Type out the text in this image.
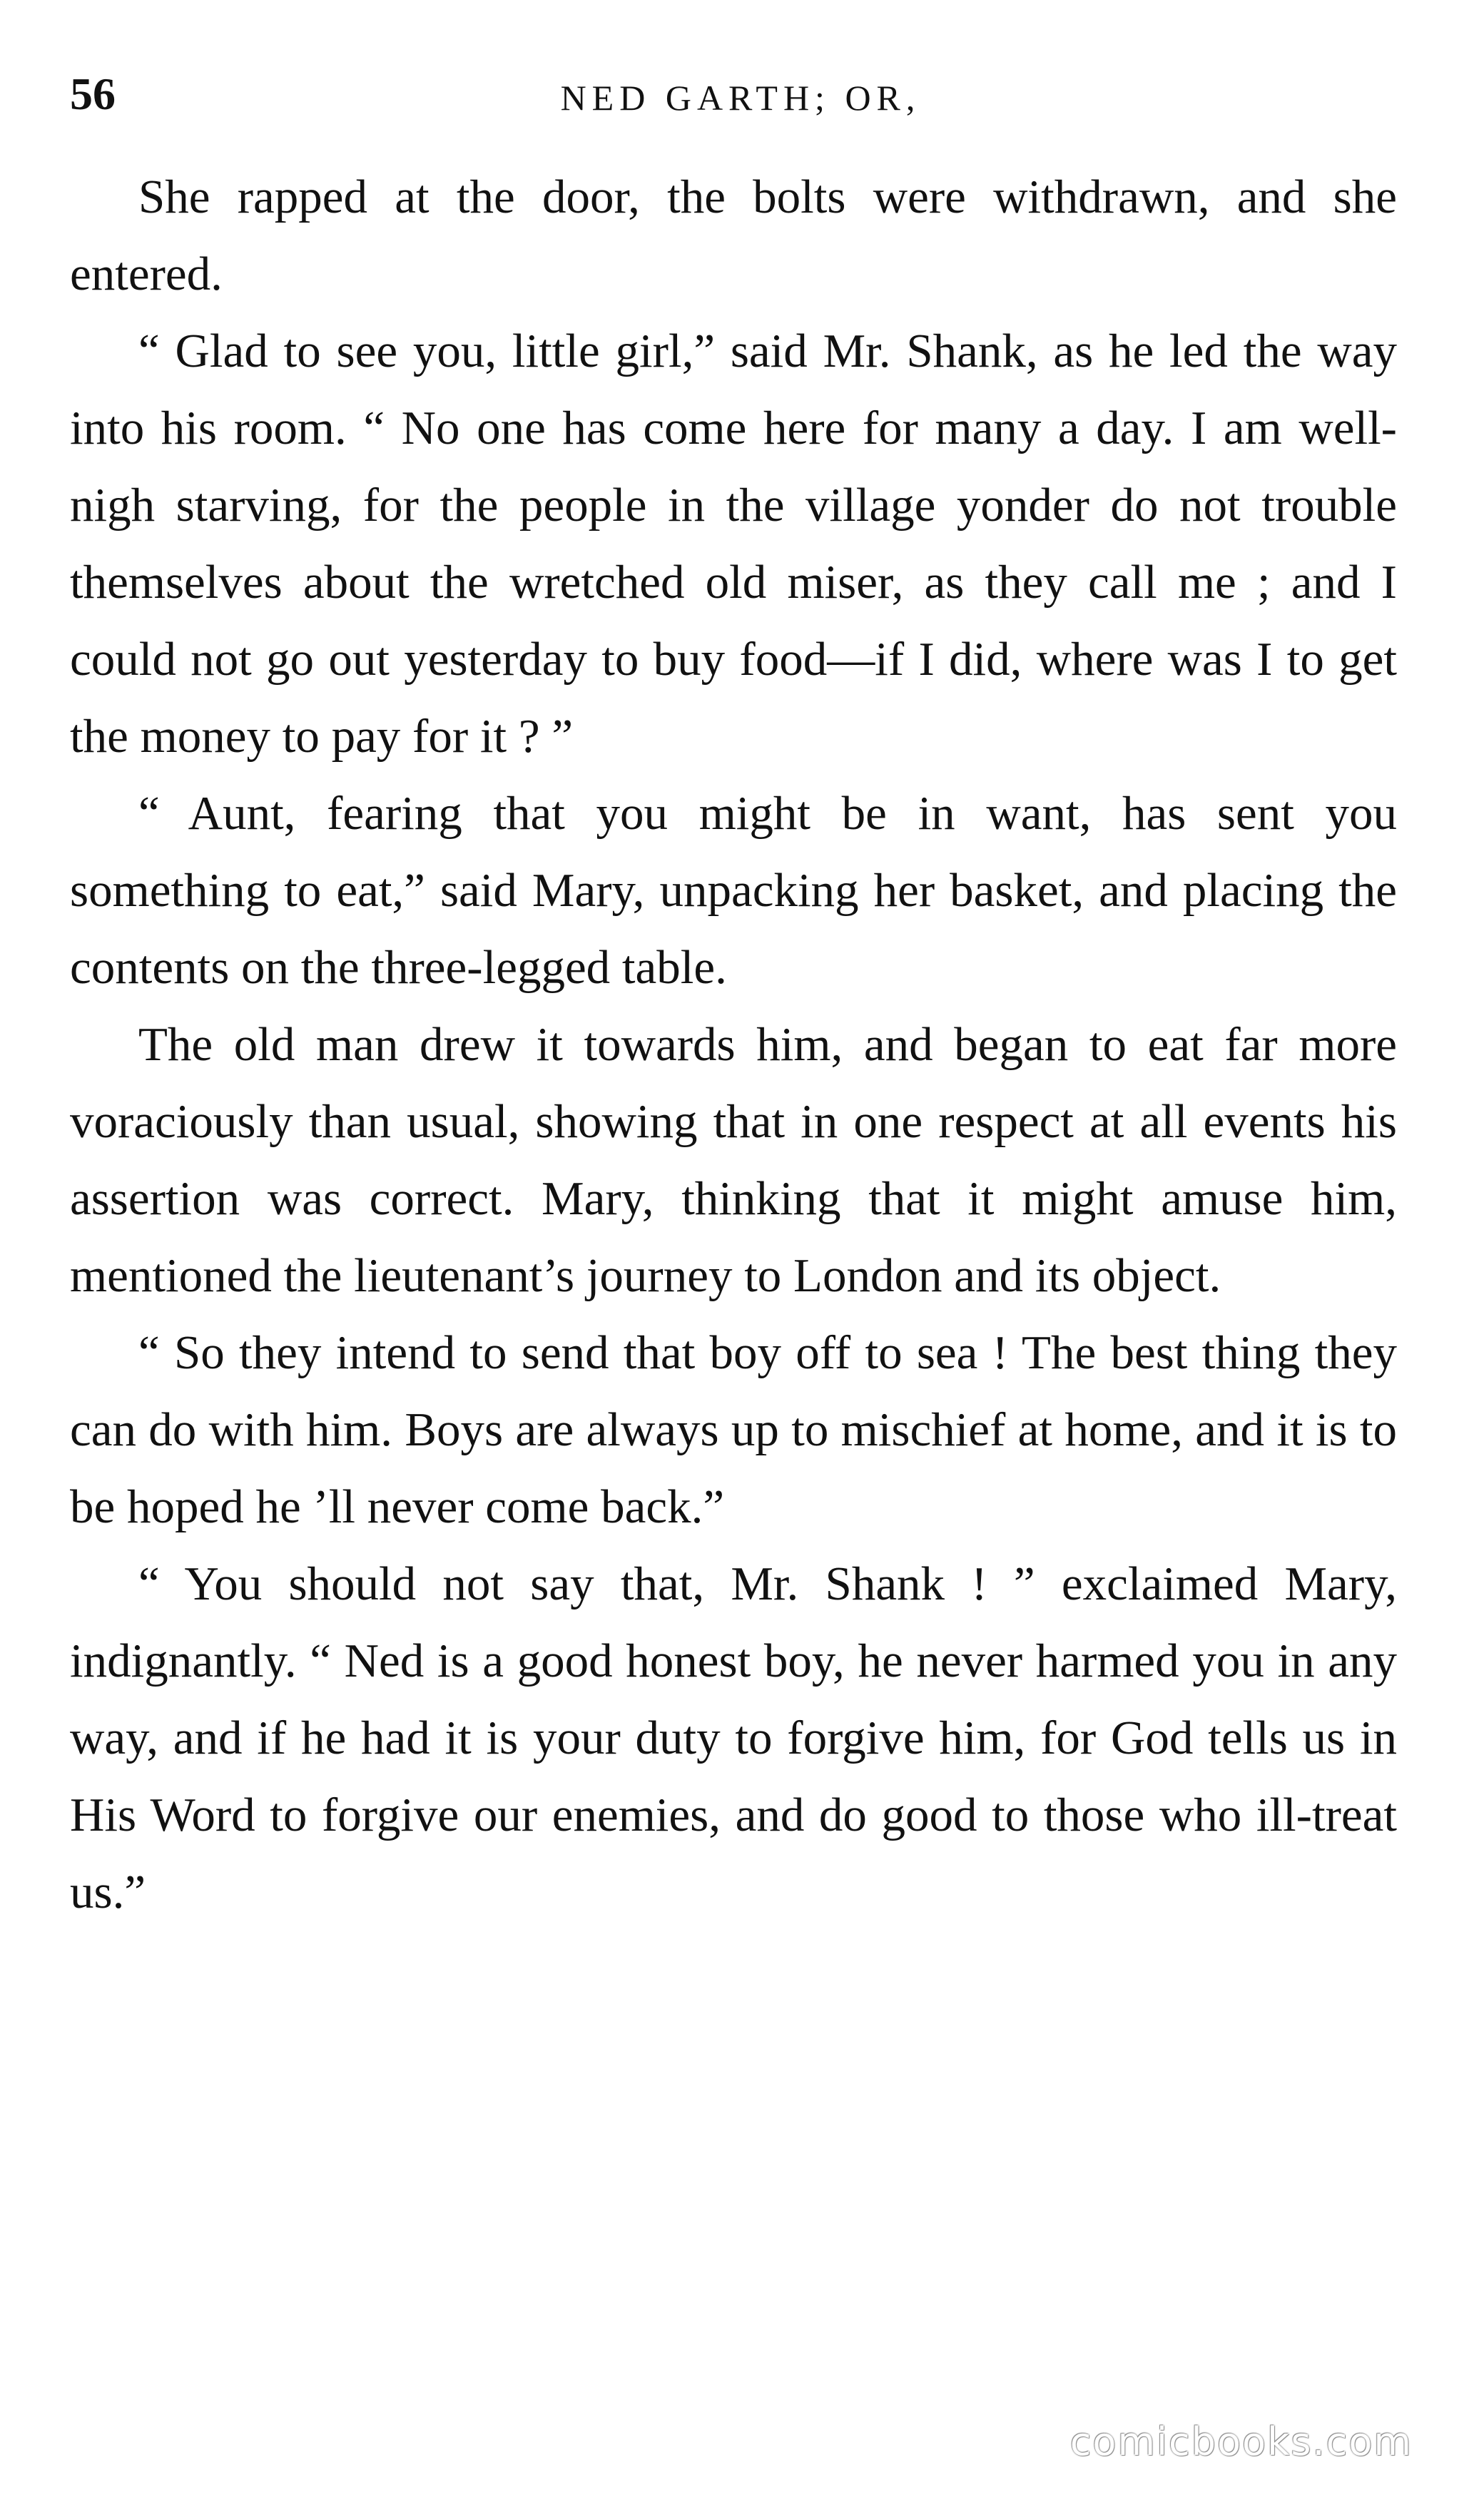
56	NED GARTH; OR,

She rapped at the door, the bolts were withdrawn, and she entered.

“ Glad to see you, little girl,” said Mr. Shank, as he led the way into his room. “ No one has come here for many a day. I am well-nigh starving, for the people in the village yonder do not trouble themselves about the wretched old miser, as they call me ; and I could not go out yesterday to buy food—if I did, where was I to get the money to pay for it ? ”

“ Aunt, fearing that you might be in want, has sent you something to eat,” said Mary, unpacking her basket, and placing the contents on the three-legged table.

The old man drew it towards him, and began to eat far more voraciously than usual, showing that in one respect at all events his assertion was correct. Mary, thinking that it might amuse him, mentioned the lieutenant’s journey to London and its object.

“ So they intend to send that boy off to sea ! The best thing they can do with him. Boys are always up to mischief at home, and it is to be hoped he ’ll never come back.”

“ You should not say that, Mr. Shank ! ” exclaimed Mary, indignantly. “ Ned is a good honest boy, he never harmed you in any way, and if he had it is your duty to forgive him, for God tells us in His Word to forgive our enemies, and do good to those who ill-treat us.”

comicbooks.com
